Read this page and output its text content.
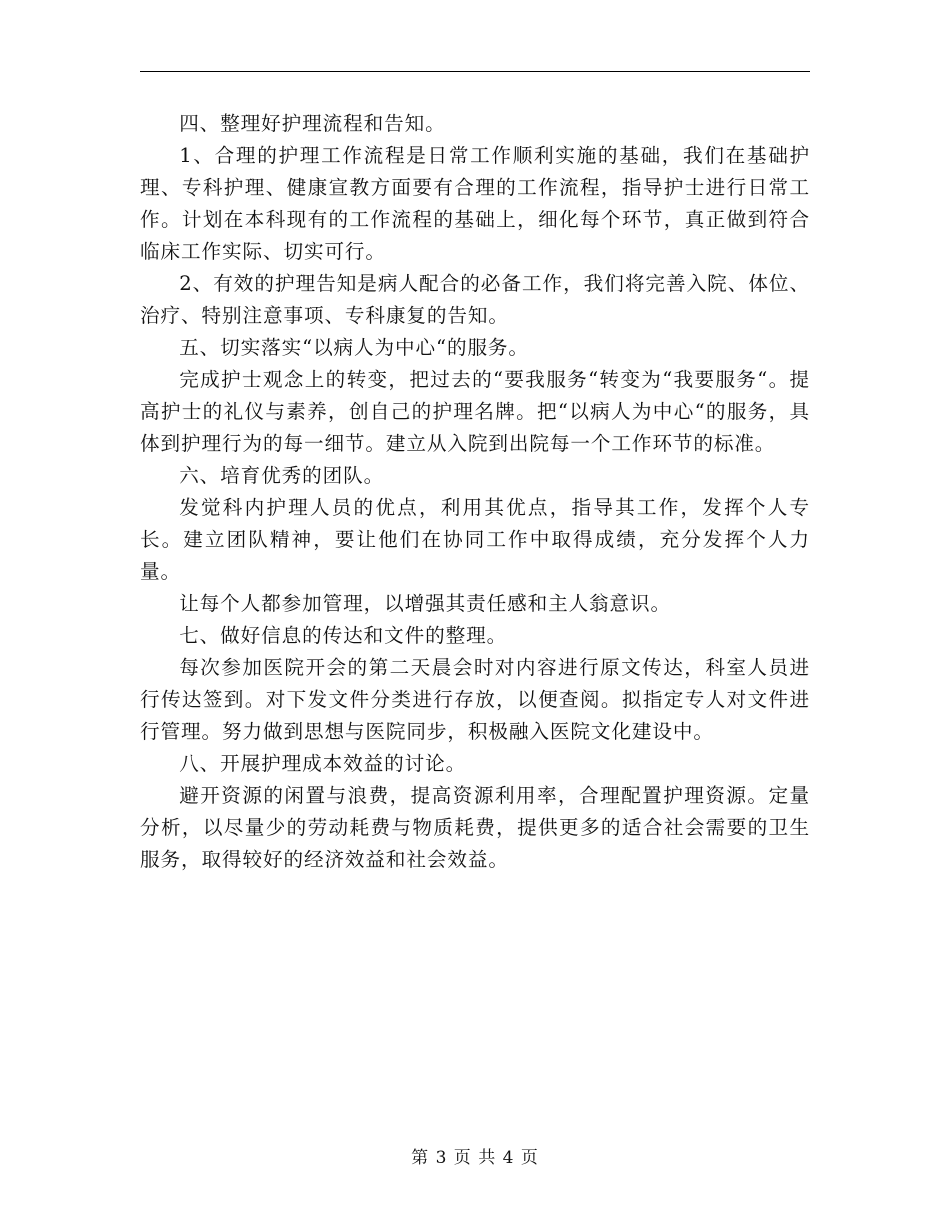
四、整理好护理流程和告知。

1、合理的护理工作流程是日常工作顺利实施的基础，我们在基础护理、专科护理、健康宣教方面要有合理的工作流程，指导护士进行日常工作。计划在本科现有的工作流程的基础上，细化每个环节，真正做到符合临床工作实际、切实可行。

2、有效的护理告知是病人配合的必备工作，我们将完善入院、体位、治疗、特别注意事项、专科康复的告知。

五、切实落实“以病人为中心“的服务。

完成护士观念上的转变，把过去的“要我服务“转变为“我要服务“。提高护士的礼仪与素养，创自己的护理名牌。把“以病人为中心“的服务，具体到护理行为的每一细节。建立从入院到出院每一个工作环节的标准。

六、培育优秀的团队。

发觉科内护理人员的优点，利用其优点，指导其工作，发挥个人专长。建立团队精神，要让他们在协同工作中取得成绩，充分发挥个人力量。

让每个人都参加管理，以增强其责任感和主人翁意识。

七、做好信息的传达和文件的整理。

每次参加医院开会的第二天晨会时对内容进行原文传达，科室人员进行传达签到。对下发文件分类进行存放，以便查阅。拟指定专人对文件进行管理。努力做到思想与医院同步，积极融入医院文化建设中。

八、开展护理成本效益的讨论。

避开资源的闲置与浪费，提高资源利用率，合理配置护理资源。定量分析，以尽量少的劳动耗费与物质耗费，提供更多的适合社会需要的卫生服务，取得较好的经济效益和社会效益。

第 3 页 共 4 页
